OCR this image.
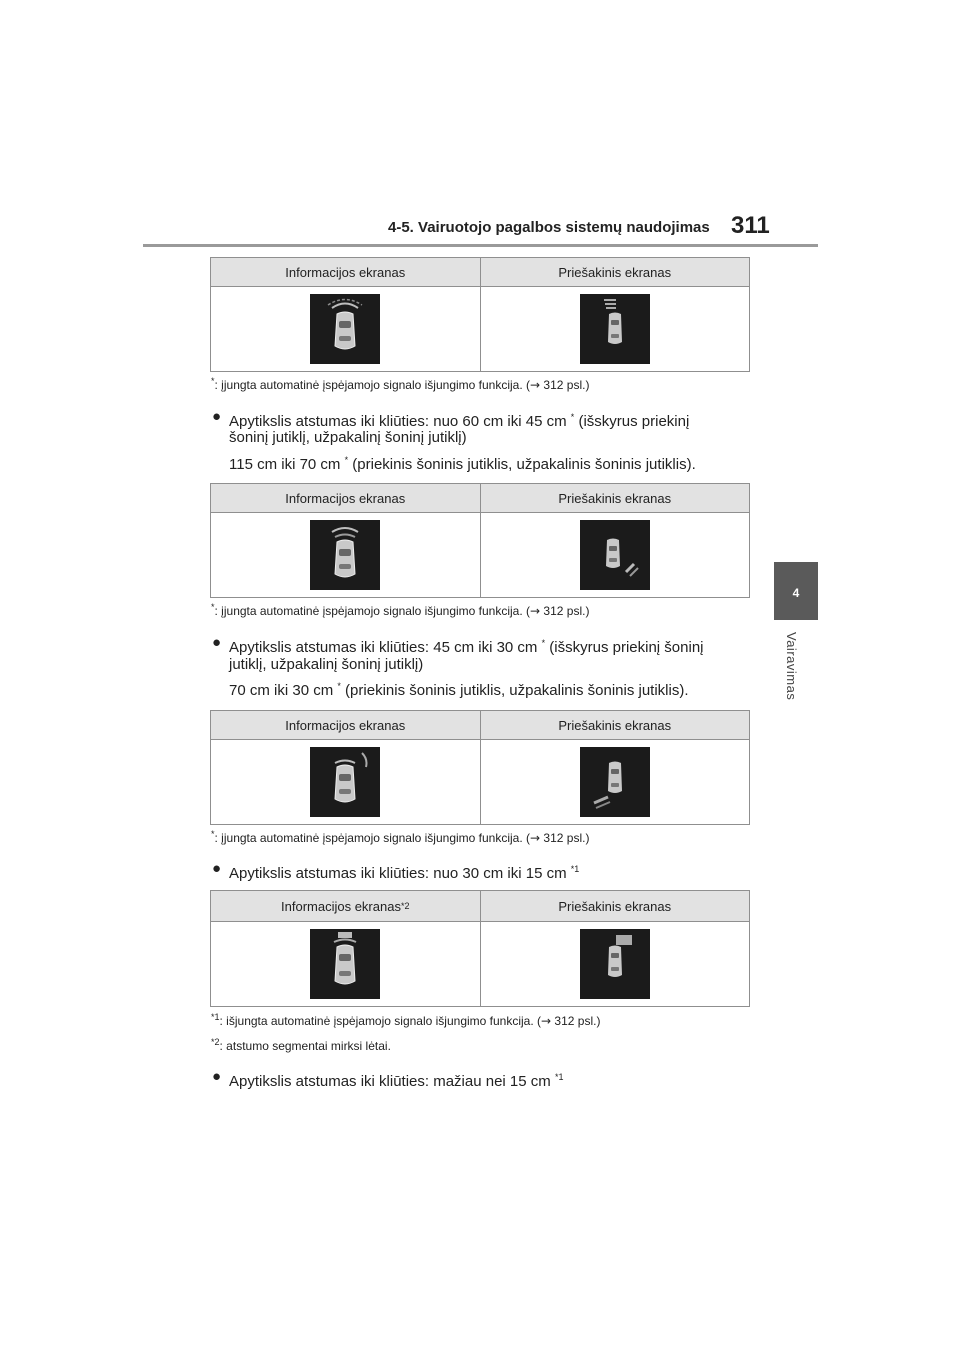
4-5. Vairuotojo pagalbos sistemų naudojimas 311
4
Vairavimas
Informacijos ekranas	Priešakinis ekranas
*: įjungta automatinė įspėjamojo signalo išjungimo funkcija. (→ 312 psl.)
● Apytikslis atstumas iki kliūties: nuo 60 cm iki 45 cm * (išskyrus priekinį
šoninį jutiklį, užpakalinį šoninį jutiklį)
115 cm iki 70 cm * (priekinis šoninis jutiklis, užpakalinis šoninis jutiklis).
Informacijos ekranas	Priešakinis ekranas
*: įjungta automatinė įspėjamojo signalo išjungimo funkcija. (→ 312 psl.)
● Apytikslis atstumas iki kliūties: 45 cm iki 30 cm * (išskyrus priekinį šoninį
jutiklį, užpakalinį šoninį jutiklį)
70 cm iki 30 cm * (priekinis šoninis jutiklis, užpakalinis šoninis jutiklis).
Informacijos ekranas	Priešakinis ekranas
*: įjungta automatinė įspėjamojo signalo išjungimo funkcija. (→ 312 psl.)
● Apytikslis atstumas iki kliūties: nuo 30 cm iki 15 cm $^{*1}$
Informacijos ekranas *2	Priešakinis ekranas
$^{*1}$: išjungta automatinė įspėjamojo signalo išjungimo funkcija. (→ 312 psl.)
$^{*2}$: atstumo segmentai mirksi lėtai.
● Apytikslis atstumas iki kliūties: mažiau nei 15 cm $^{*1}$
